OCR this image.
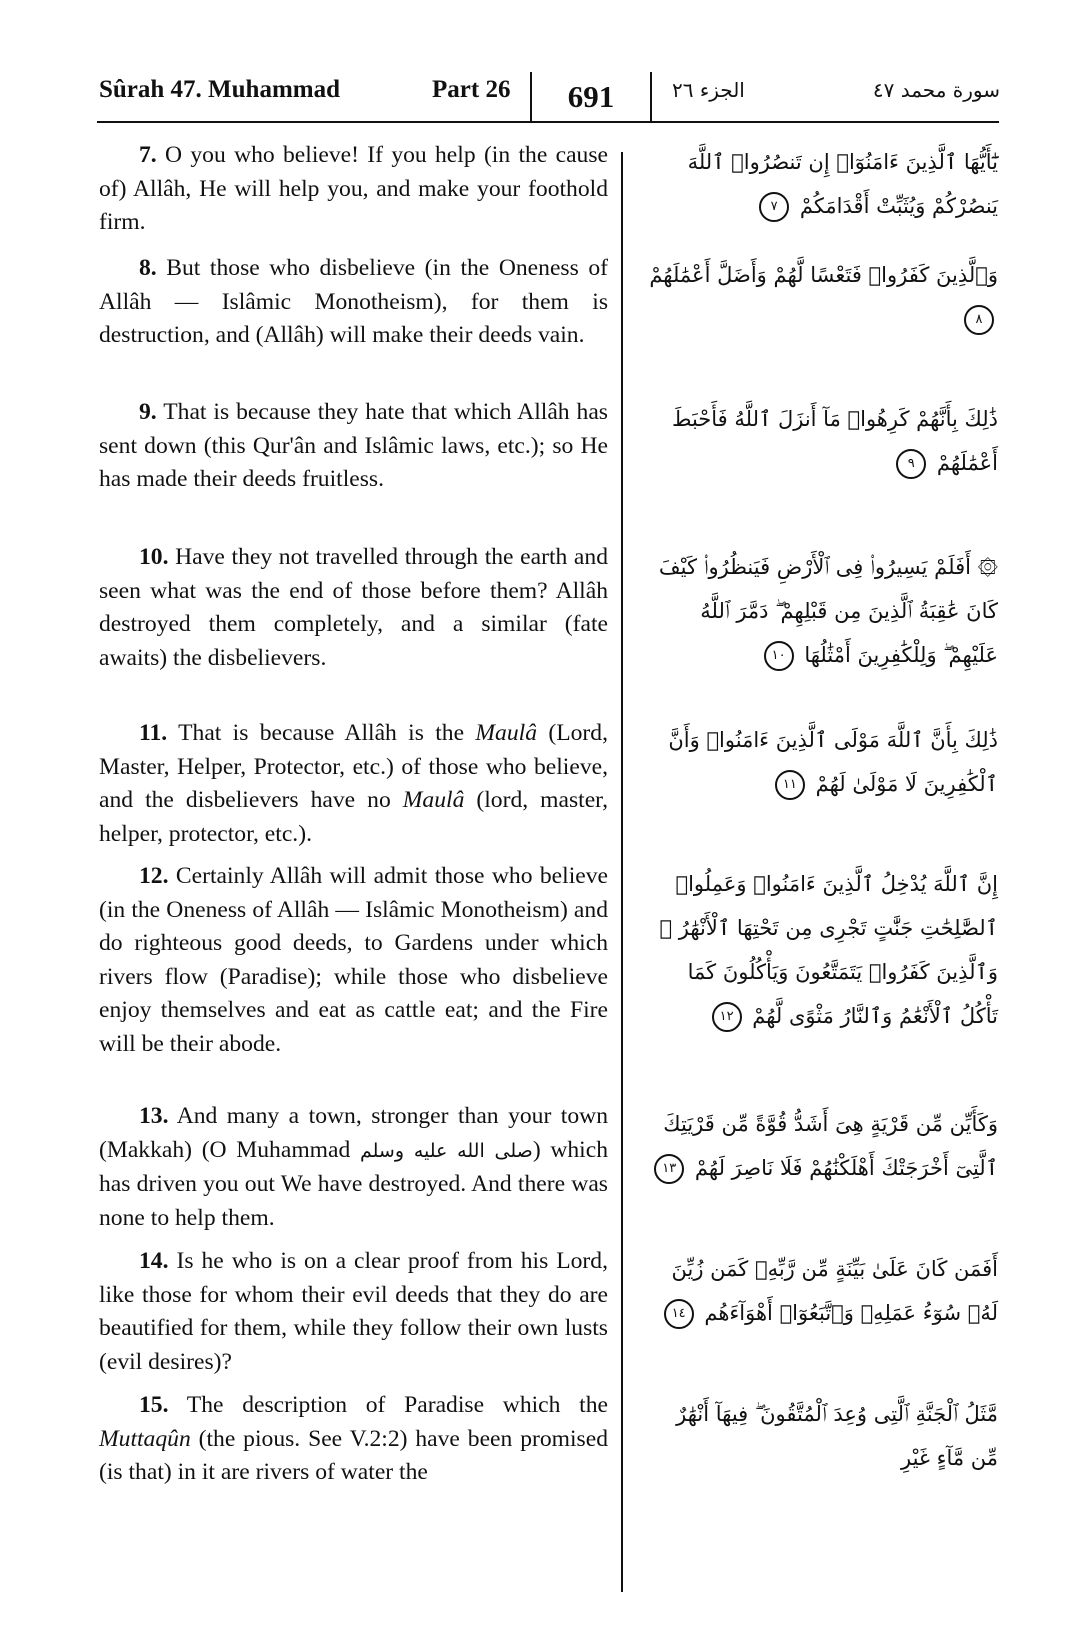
Sûrah 47. Muhammad	Part 26	691	الجزء ٢٦	سورة محمد ٤٧

7. O you who believe! If you help (in the cause of) Allâh, He will help you, and make your foothold firm.

يَٰٓأَيُّهَا ٱلَّذِينَ ءَامَنُوٓا۟ إِن تَنصُرُوا۟ ٱللَّهَ يَنصُرْكُمْ وَيُثَبِّتْ أَقْدَامَكُمْ ٧

8. But those who disbelieve (in the Oneness of Allâh — Islâmic Monotheism), for them is destruction, and (Allâh) will make their deeds vain.

وَٱلَّذِينَ كَفَرُوا۟ فَتَعْسًا لَّهُمْ وَأَضَلَّ أَعْمَٰلَهُمْ ٨

9. That is because they hate that which Allâh has sent down (this Qur'ân and Islâmic laws, etc.); so He has made their deeds fruitless.

ذَٰلِكَ بِأَنَّهُمْ كَرِهُوا۟ مَآ أَنزَلَ ٱللَّهُ فَأَحْبَطَ أَعْمَٰلَهُمْ ٩

10. Have they not travelled through the earth and seen what was the end of those before them? Allâh destroyed them completely, and a similar (fate awaits) the disbelievers.

۞ أَفَلَمْ يَسِيرُوا۟ فِى ٱلْأَرْضِ فَيَنظُرُوا۟ كَيْفَ كَانَ عَٰقِبَةُ ٱلَّذِينَ مِن قَبْلِهِمْ ۖ دَمَّرَ ٱللَّهُ عَلَيْهِمْ ۖ وَلِلْكَٰفِرِينَ أَمْثَٰلُهَا ١٠

11. That is because Allâh is the Maulâ (Lord, Master, Helper, Protector, etc.) of those who believe, and the disbelievers have no Maulâ (lord, master, helper, protector, etc.).

ذَٰلِكَ بِأَنَّ ٱللَّهَ مَوْلَى ٱلَّذِينَ ءَامَنُوا۟ وَأَنَّ ٱلْكَٰفِرِينَ لَا مَوْلَىٰ لَهُمْ ١١

12. Certainly Allâh will admit those who believe (in the Oneness of Allâh — Islâmic Monotheism) and do righteous good deeds, to Gardens under which rivers flow (Paradise); while those who disbelieve enjoy themselves and eat as cattle eat; and the Fire will be their abode.

إِنَّ ٱللَّهَ يُدْخِلُ ٱلَّذِينَ ءَامَنُوا۟ وَعَمِلُوا۟ ٱلصَّٰلِحَٰتِ جَنَّٰتٍ تَجْرِى مِن تَحْتِهَا ٱلْأَنْهَٰرُ ۖ وَٱلَّذِينَ كَفَرُوا۟ يَتَمَتَّعُونَ وَيَأْكُلُونَ كَمَا تَأْكُلُ ٱلْأَنْعَٰمُ وَٱلنَّارُ مَثْوًى لَّهُمْ ١٢

13. And many a town, stronger than your town (Makkah) (O Muhammad صلى الله عليه وسلم) which has driven you out We have destroyed. And there was none to help them.

وَكَأَيِّن مِّن قَرْيَةٍ هِىَ أَشَدُّ قُوَّةً مِّن قَرْيَتِكَ ٱلَّتِىٓ أَخْرَجَتْكَ أَهْلَكْنَٰهُمْ فَلَا نَاصِرَ لَهُمْ ١٣

14. Is he who is on a clear proof from his Lord, like those for whom their evil deeds that they do are beautified for them, while they follow their own lusts (evil desires)?

أَفَمَن كَانَ عَلَىٰ بَيِّنَةٍ مِّن رَّبِّهِۦ كَمَن زُيِّنَ لَهُۥ سُوٓءُ عَمَلِهِۦ وَٱتَّبَعُوٓا۟ أَهْوَآءَهُم ١٤

15. The description of Paradise which the Muttaqûn (the pious. See V.2:2) have been promised (is that) in it are rivers of water the

مَّثَلُ ٱلْجَنَّةِ ٱلَّتِى وُعِدَ ٱلْمُتَّقُونَ ۖ فِيهَآ أَنْهَٰرٌ مِّن مَّآءٍ غَيْرِ
